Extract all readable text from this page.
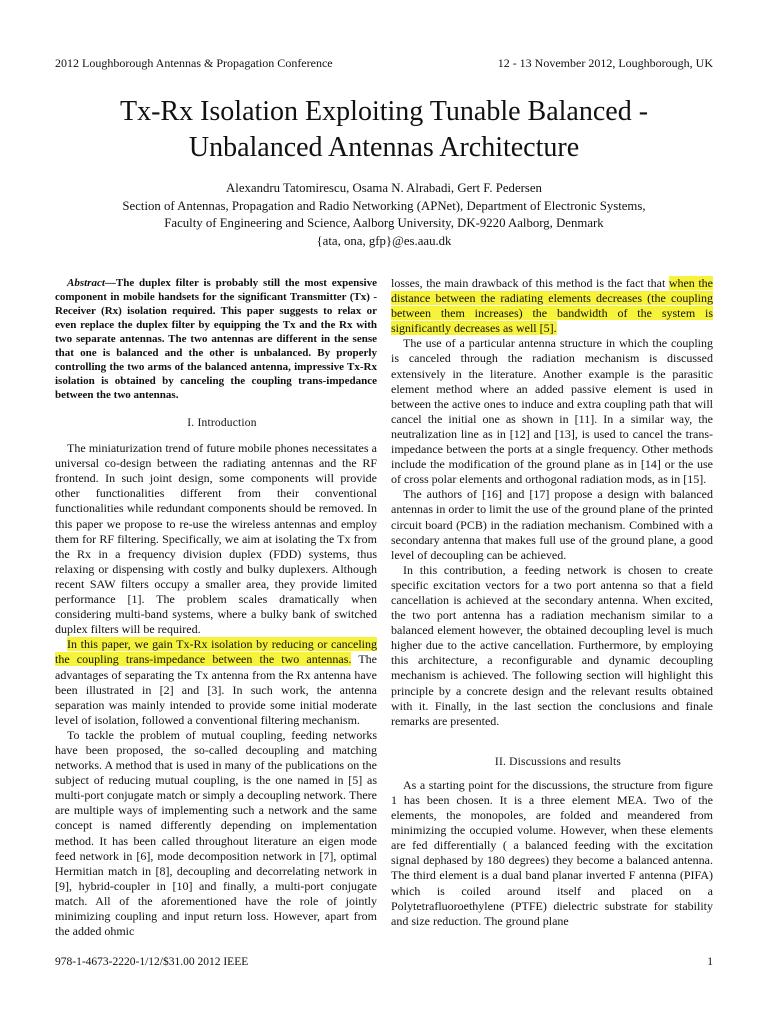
2012 Loughborough Antennas & Propagation Conference	12 - 13 November 2012, Loughborough, UK
Tx-Rx Isolation Exploiting Tunable Balanced -
Unbalanced Antennas Architecture
Alexandru Tatomirescu, Osama N. Alrabadi, Gert F. Pedersen
Section of Antennas, Propagation and Radio Networking (APNet), Department of Electronic Systems,
Faculty of Engineering and Science, Aalborg University, DK-9220 Aalborg, Denmark
{ata, ona, gfp}@es.aau.dk

Abstract—The duplex filter is probably still the most expensive component in mobile handsets for the significant Transmitter (Tx) - Receiver (Rx) isolation required. This paper suggests to relax or even replace the duplex filter by equipping the Tx and the Rx with two separate antennas. The two antennas are different in the sense that one is balanced and the other is unbalanced. By properly controlling the two arms of the balanced antenna, impressive Tx-Rx isolation is obtained by canceling the coupling trans-impedance between the two antennas.

I. Introduction

The miniaturization trend of future mobile phones necessitates a universal co-design between the radiating antennas and the RF frontend. In such joint design, some components will provide other functionalities different from their conventional functionalities while redundant components should be removed. In this paper we propose to re-use the wireless antennas and employ them for RF filtering. Specifically, we aim at isolating the Tx from the Rx in a frequency division duplex (FDD) systems, thus relaxing or dispensing with costly and bulky duplexers. Although recent SAW filters occupy a smaller area, they provide limited performance [1]. The problem scales dramatically when considering multi-band systems, where a bulky bank of switched duplex filters will be required.

In this paper, we gain Tx-Rx isolation by reducing or canceling the coupling trans-impedance between the two antennas. The advantages of separating the Tx antenna from the Rx antenna have been illustrated in [2] and [3]. In such work, the antenna separation was mainly intended to provide some initial moderate level of isolation, followed a conventional filtering mechanism.

To tackle the problem of mutual coupling, feeding networks have been proposed, the so-called decoupling and matching networks. A method that is used in many of the publications on the subject of reducing mutual coupling, is the one named in [5] as multi-port conjugate match or simply a decoupling network. There are multiple ways of implementing such a network and the same concept is named differently depending on implementation method. It has been called throughout literature an eigen mode feed network in [6], mode decomposition network in [7], optimal Hermitian match in [8], decoupling and decorrelating network in [9], hybrid-coupler in [10] and finally, a multi-port conjugate match. All of the aforementioned have the role of jointly minimizing coupling and input return loss. However, apart from the added ohmic

losses, the main drawback of this method is the fact that when the distance between the radiating elements decreases (the coupling between them increases) the bandwidth of the system is significantly decreases as well [5].

The use of a particular antenna structure in which the coupling is canceled through the radiation mechanism is discussed extensively in the literature. Another example is the parasitic element method where an added passive element is used in between the active ones to induce and extra coupling path that will cancel the initial one as shown in [11]. In a similar way, the neutralization line as in [12] and [13], is used to cancel the trans-impedance between the ports at a single frequency. Other methods include the modification of the ground plane as in [14] or the use of cross polar elements and orthogonal radiation mods, as in [15].

The authors of [16] and [17] propose a design with balanced antennas in order to limit the use of the ground plane of the printed circuit board (PCB) in the radiation mechanism. Combined with a secondary antenna that makes full use of the ground plane, a good level of decoupling can be achieved.

In this contribution, a feeding network is chosen to create specific excitation vectors for a two port antenna so that a field cancellation is achieved at the secondary antenna. When excited, the two port antenna has a radiation mechanism similar to a balanced element however, the obtained decoupling level is much higher due to the active cancellation. Furthermore, by employing this architecture, a reconfigurable and dynamic decoupling mechanism is achieved. The following section will highlight this principle by a concrete design and the relevant results obtained with it. Finally, in the last section the conclusions and finale remarks are presented.

II. Discussions and results

As a starting point for the discussions, the structure from figure 1 has been chosen. It is a three element MEA. Two of the elements, the monopoles, are folded and meandered from minimizing the occupied volume. However, when these elements are fed differentially ( a balanced feeding with the excitation signal dephased by 180 degrees) they become a balanced antenna. The third element is a dual band planar inverted F antenna (PIFA) which is coiled around itself and placed on a Polytetrafluoroethylene (PTFE) dielectric substrate for stability and size reduction. The ground plane

978-1-4673-2220-1/12/$31.00 2012 IEEE	1
